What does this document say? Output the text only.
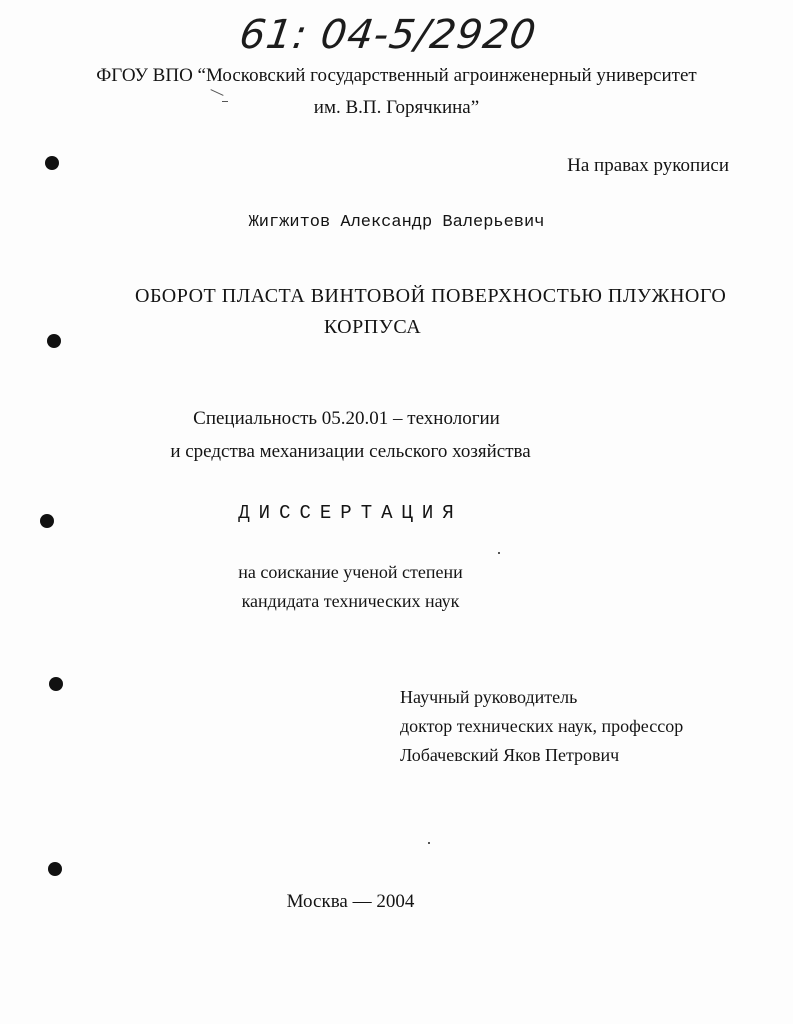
61: 04-5/2920
ФГОУ ВПО “Московский государственный агроинженерный университет
им. В.П. Горячкина”
На правах рукописи
Жигжитов Александр Валерьевич
ОБОРОТ ПЛАСТА ВИНТОВОЙ ПОВЕРХНОСТЬЮ ПЛУЖНОГО
КОРПУСА
Специальность 05.20.01 – технологии
и средства механизации сельского хозяйства
ДИССЕРТАЦИЯ
на соискание ученой степени
кандидата технических наук
Научный руководитель
доктор технических наук, профессор
Лобачевский Яков Петрович
Москва — 2004
